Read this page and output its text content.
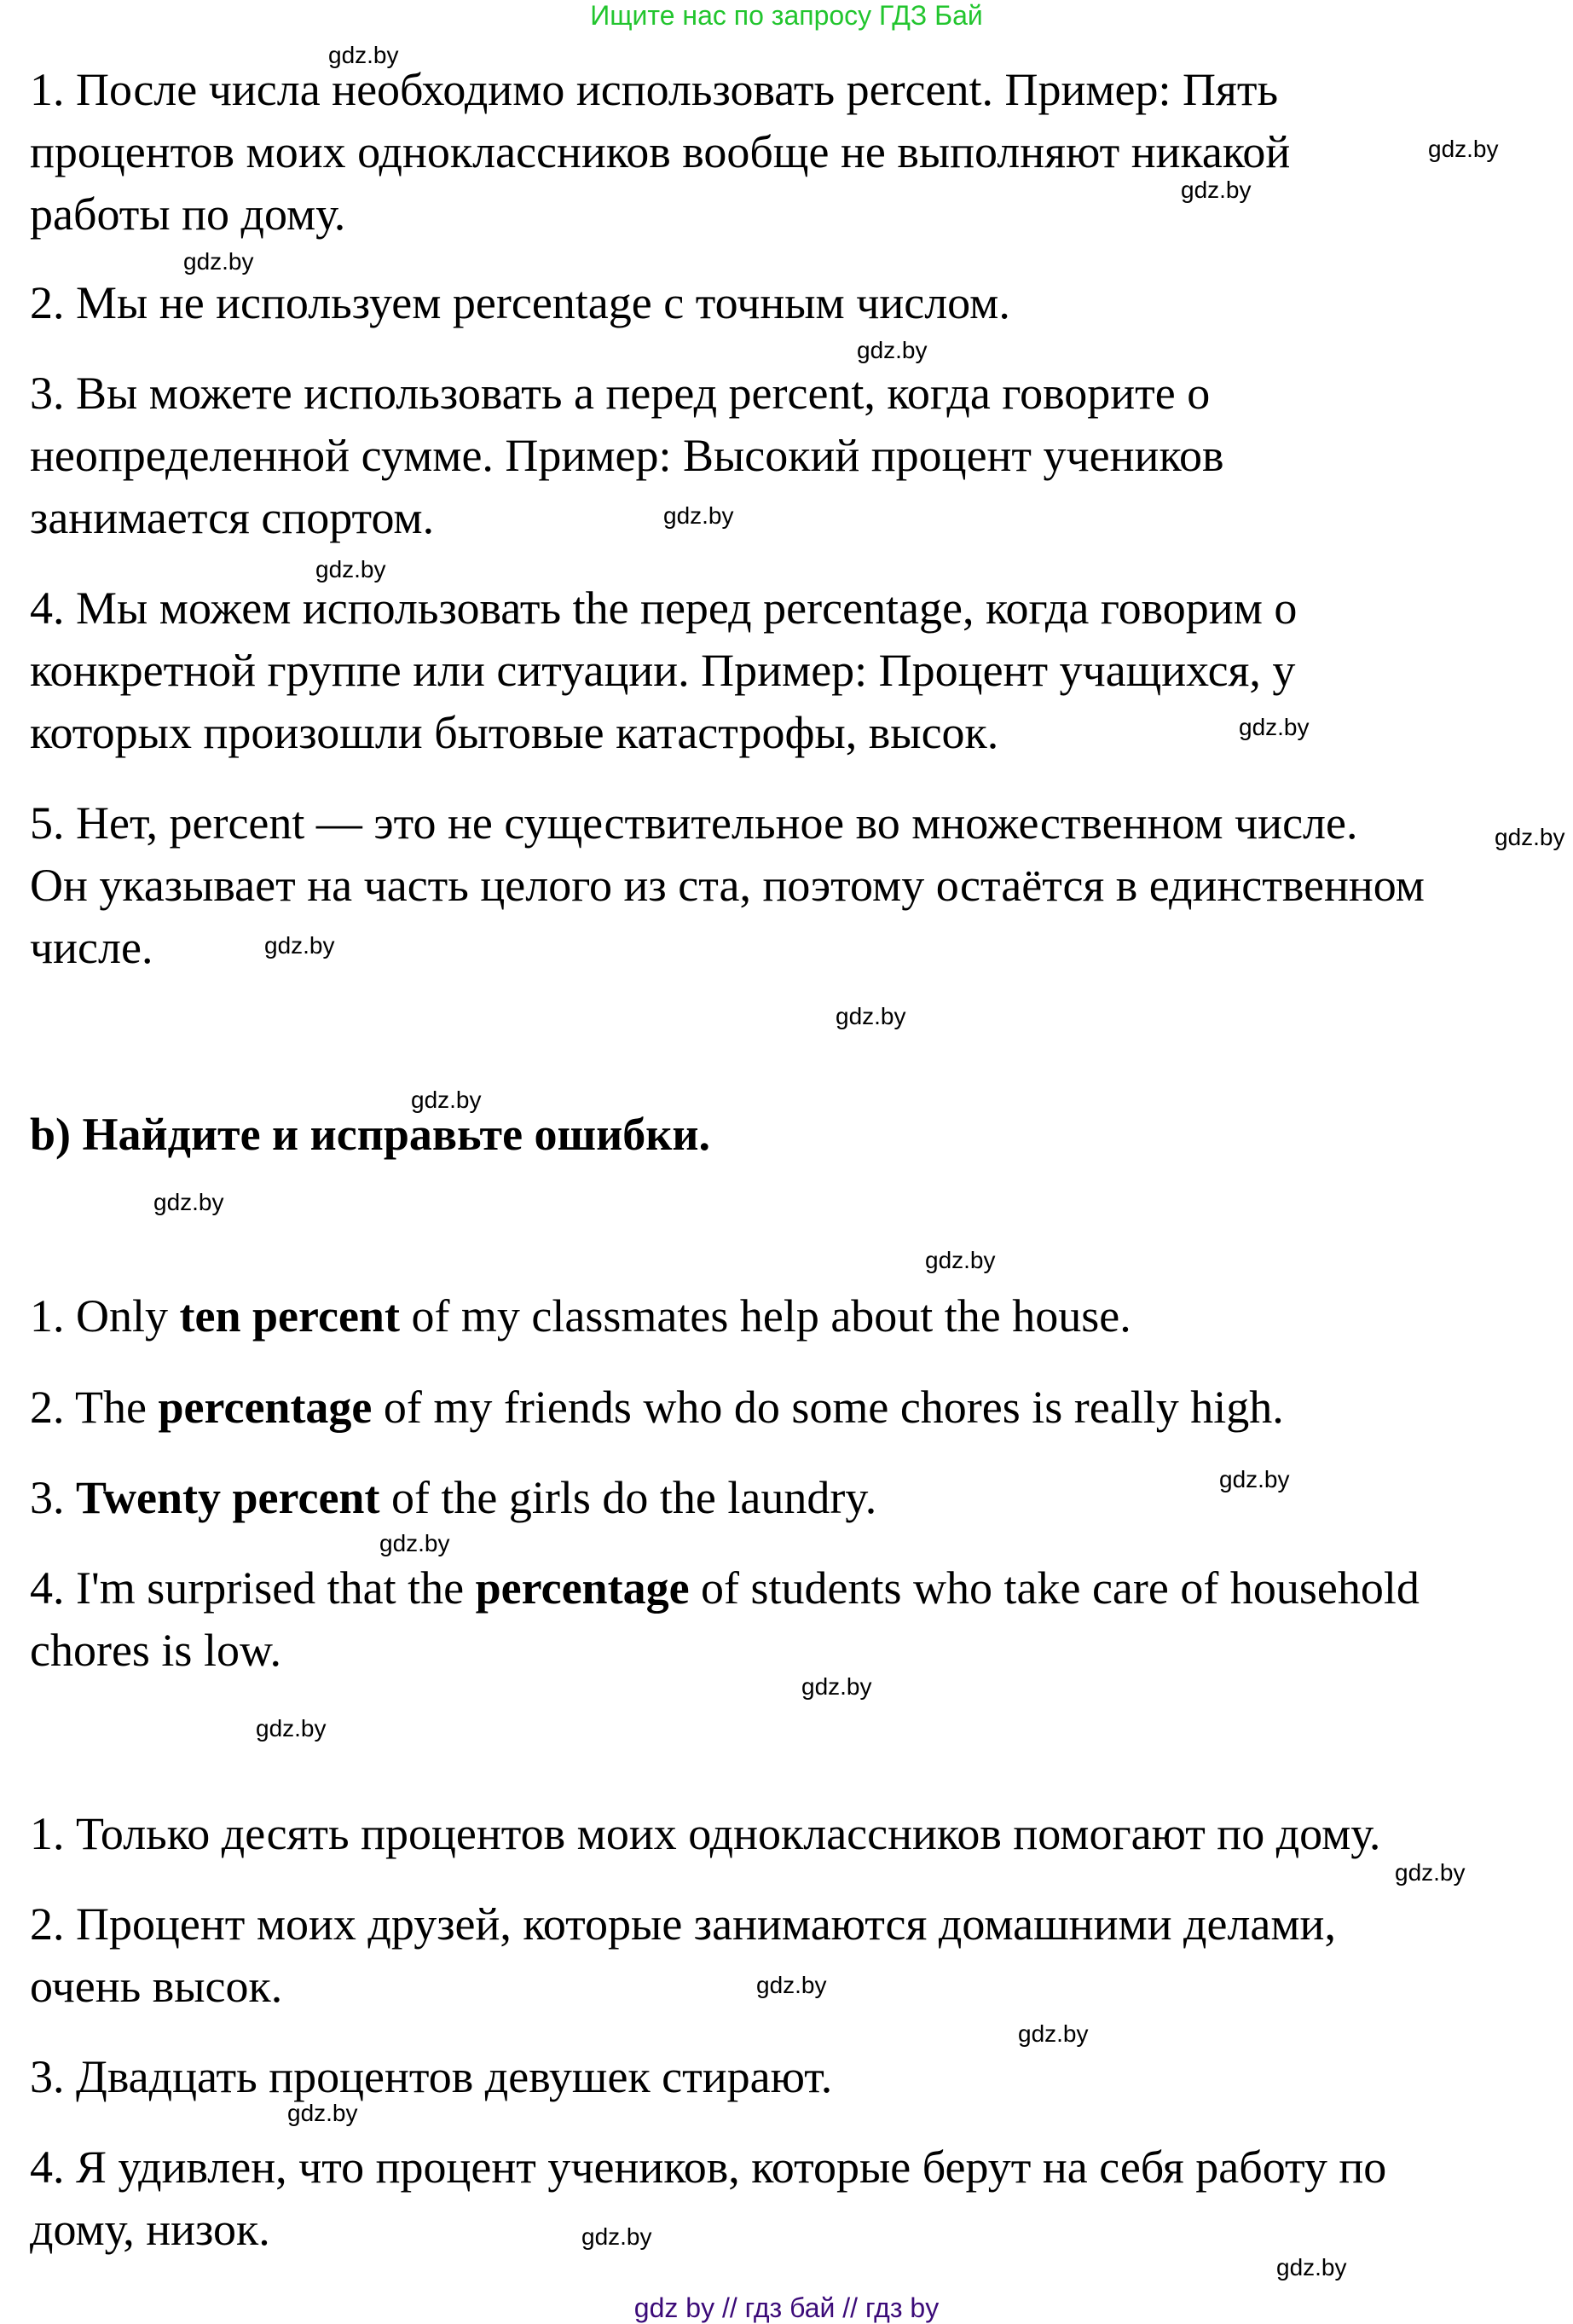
Ищите нас по запросу ГДЗ Бай
1. После числа необходимо использовать percent. Пример: Пять
процентов моих одноклассников вообще не выполняют никакой
работы по дому.
2. Мы не используем percentage с точным числом.
3. Вы можете использовать a перед percent, когда говорите о
неопределенной сумме. Пример: Высокий процент учеников
занимается спортом.
4. Мы можем использовать the перед percentage, когда говорим о
конкретной группе или ситуации. Пример: Процент учащихся, у
которых произошли бытовые катастрофы, высок.
5. Нет, percent — это не существительное во множественном числе.
Он указывает на часть целого из ста, поэтому остаётся в единственном
числе.
b) Найдите и исправьте ошибки.
1. Only ten percent of my classmates help about the house.
2. The percentage of my friends who do some chores is really high.
3. Twenty percent of the girls do the laundry.
4. I'm surprised that the percentage of students who take care of household
chores is low.
1. Только десять процентов моих одноклассников помогают по дому.
2. Процент моих друзей, которые занимаются домашними делами,
очень высок.
3. Двадцать процентов девушек стирают.
4. Я удивлен, что процент учеников, которые берут на себя работу по
дому, низок.
gdz.by
gdz.by
gdz.by
gdz.by
gdz.by
gdz.by
gdz.by
gdz.by
gdz.by
gdz.by
gdz.by
gdz.by
gdz.by
gdz.by
gdz.by
gdz.by
gdz.by
gdz.by
gdz.by
gdz.by
gdz.by
gdz.by
gdz.by
gdz.by
gdz by // гдз бай // гдз by
